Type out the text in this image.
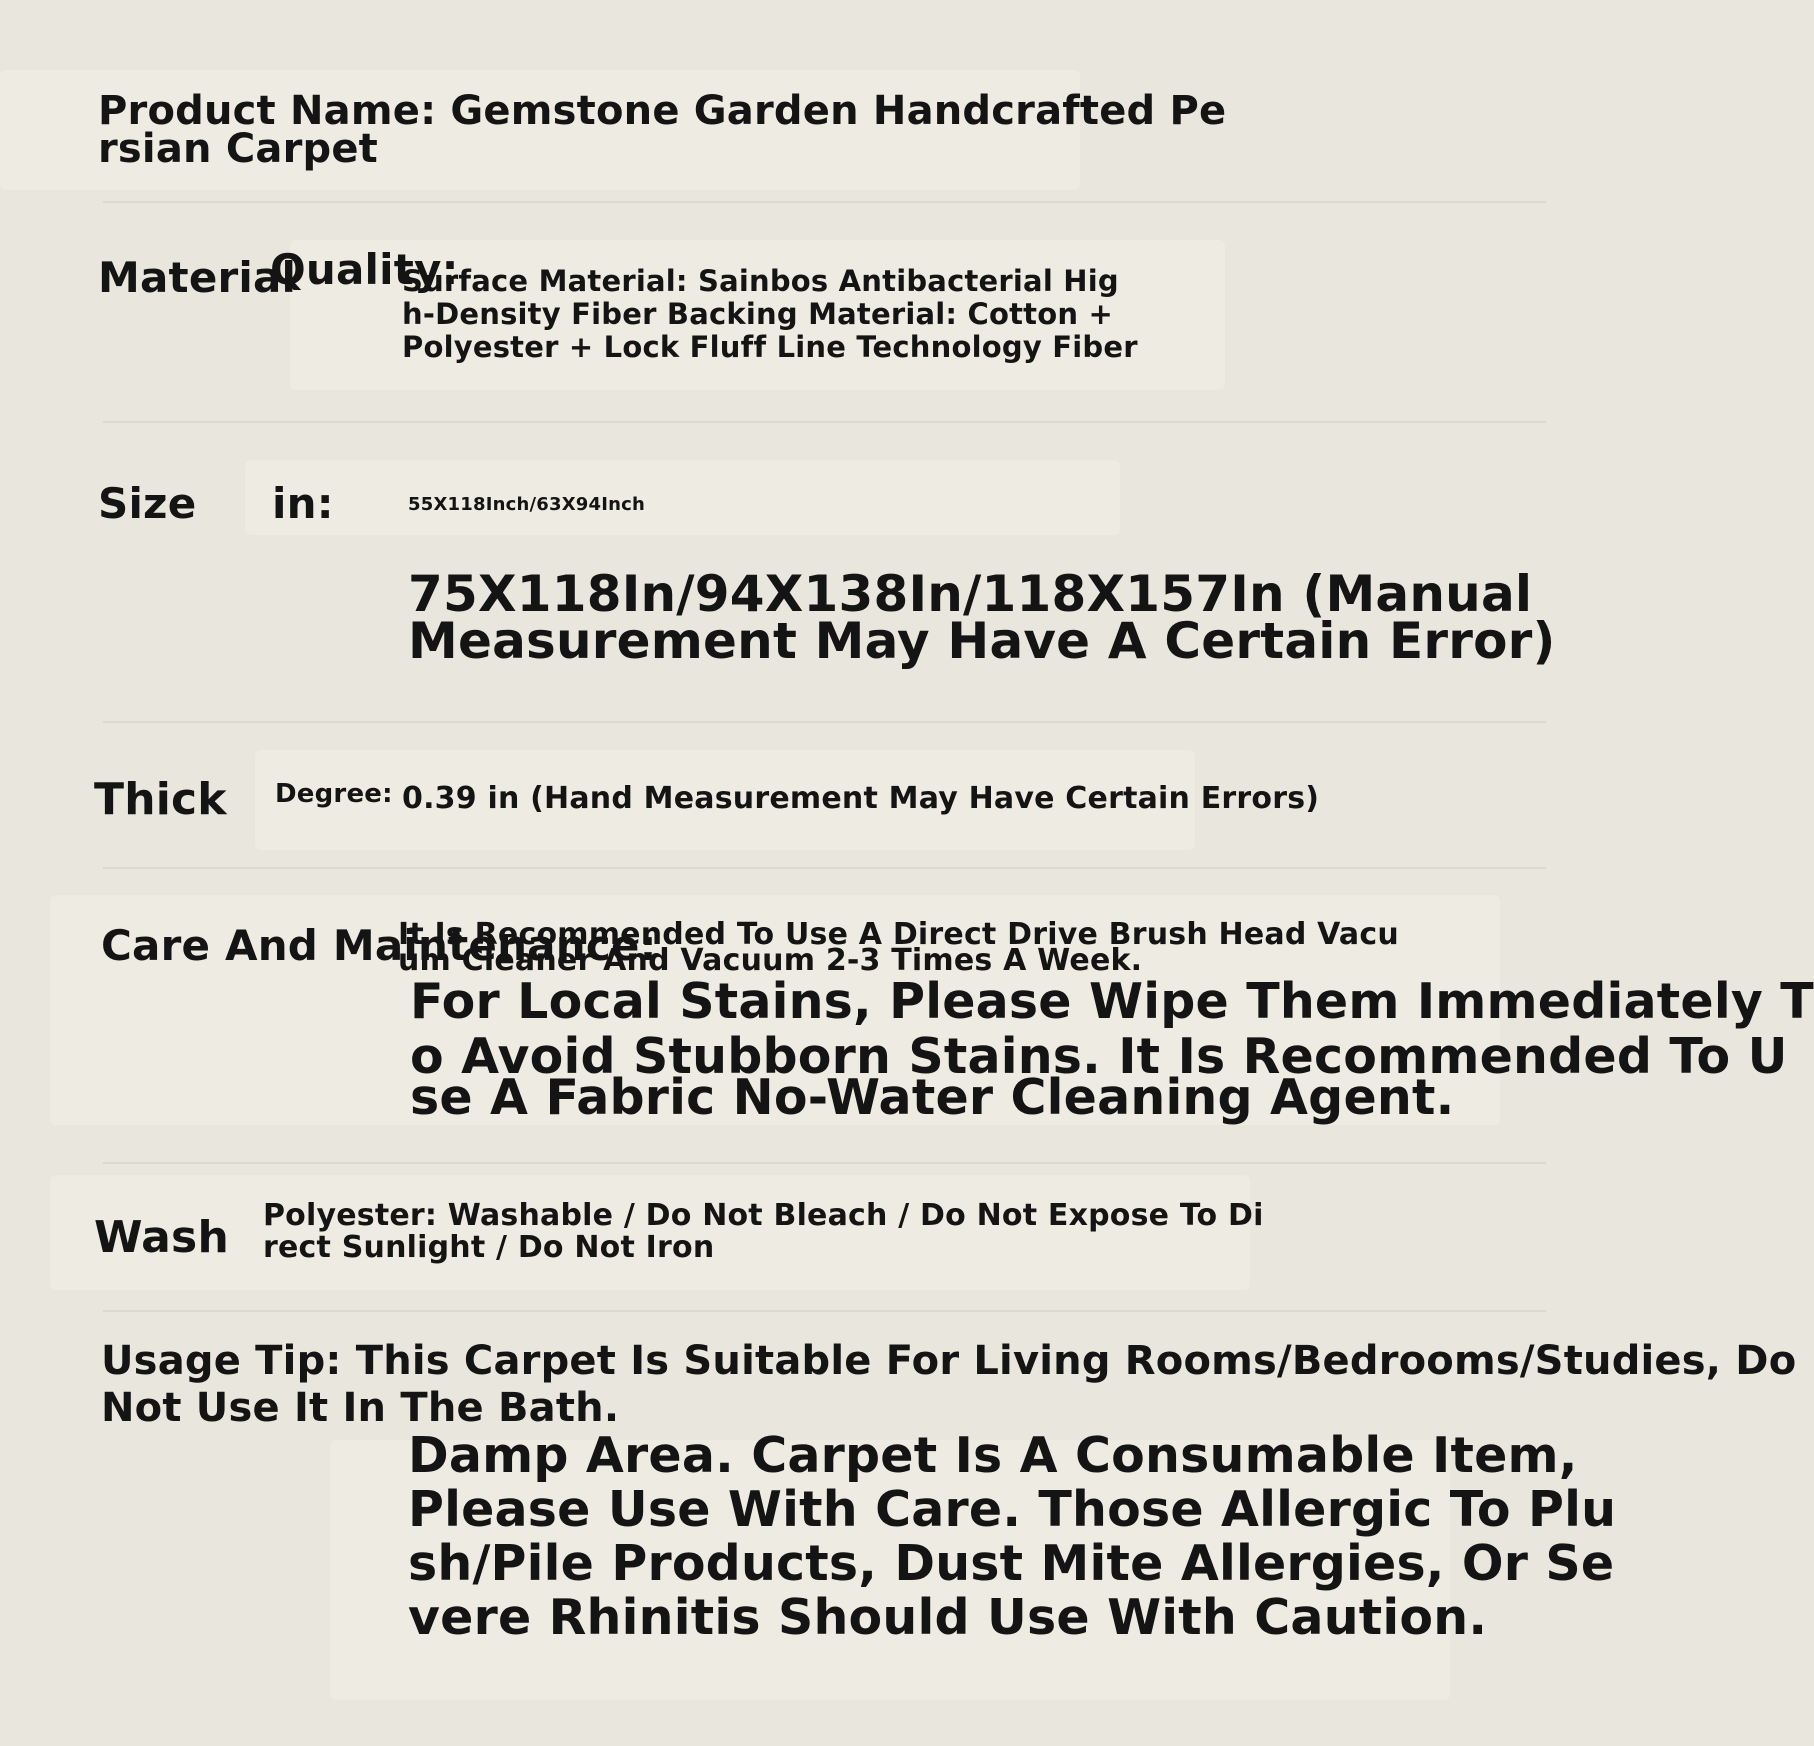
Product Name: Gemstone Garden Handcrafted Pe
rsian Carpet
Material
Quality:
Surface Material: Sainbos Antibacterial Hig
h-Density Fiber Backing Material: Cotton +
Polyester + Lock Fluff Line Technology Fiber
Size in:	55X118Inch/63X94Inch
75X118In/94X138In/118X157In (Manual
Measurement May Have A Certain Error)
Thick Degree: 0.39 in (Hand Measurement May Have Certain Errors)
Care And Maintenance:
It Is Recommended To Use A Direct Drive Brush Head Vacu
um Cleaner And Vacuum 2-3 Times A Week.
For Local Stains, Please Wipe Them Immediately T
o Avoid Stubborn Stains. It Is Recommended To U
se A Fabric No-Water Cleaning Agent.
Wash Polyester: Washable / Do Not Bleach / Do Not Expose To Di
rect Sunlight / Do Not Iron
Usage Tip: This Carpet Is Suitable For Living Rooms/Bedrooms/Studies, Do
Not Use It In The Bath.
Damp Area. Carpet Is A Consumable Item,
Please Use With Care. Those Allergic To Plu
sh/Pile Products, Dust Mite Allergies, Or Se
vere Rhinitis Should Use With Caution.
